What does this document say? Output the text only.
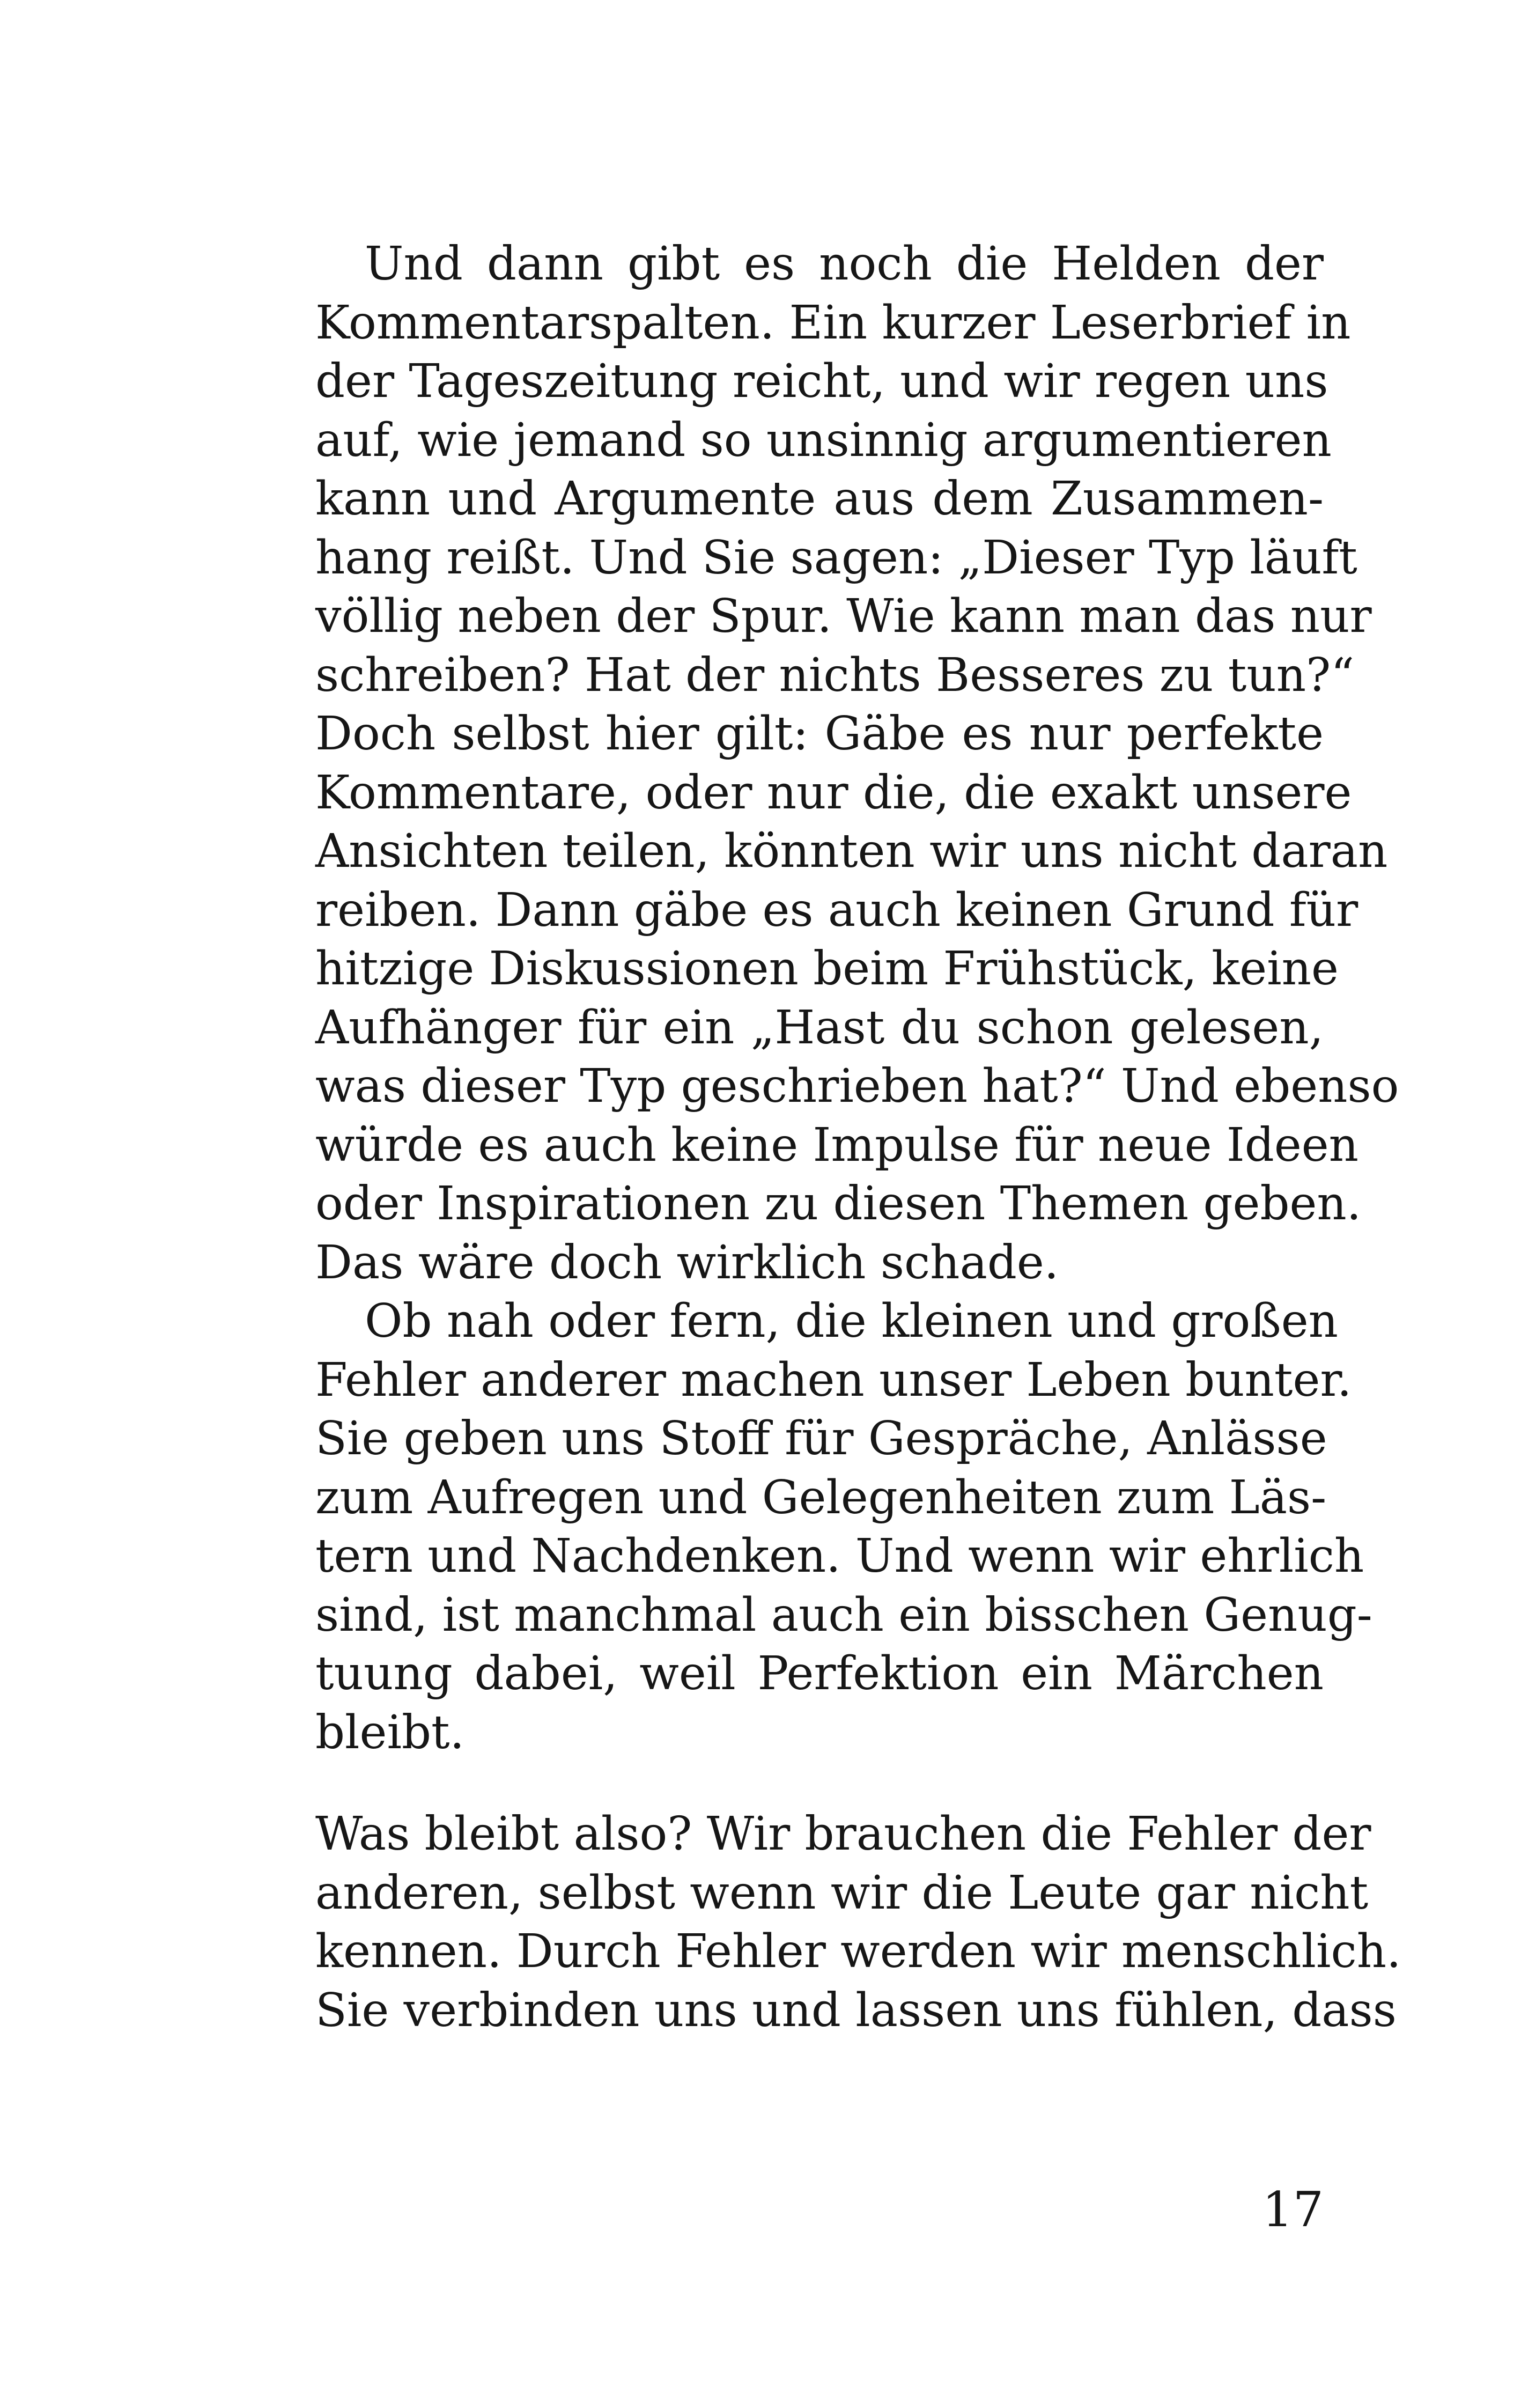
Und dann gibt es noch die Helden der
Kommentarspalten. Ein kurzer Leserbrief in
der Tageszeitung reicht, und wir regen uns
auf, wie jemand so unsinnig argumentieren
kann und Argumente aus dem Zusammen-
hang reißt. Und Sie sagen: „Dieser Typ läuft
völlig neben der Spur. Wie kann man das nur
schreiben? Hat der nichts Besseres zu tun?“
Doch selbst hier gilt: Gäbe es nur perfekte
Kommentare, oder nur die, die exakt unsere
Ansichten teilen, könnten wir uns nicht daran
reiben. Dann gäbe es auch keinen Grund für
hitzige Diskussionen beim Frühstück, keine
Aufhänger für ein „Hast du schon gelesen,
was dieser Typ geschrieben hat?“ Und ebenso
würde es auch keine Impulse für neue Ideen
oder Inspirationen zu diesen Themen geben.
Das wäre doch wirklich schade.
Ob nah oder fern, die kleinen und großen
Fehler anderer machen unser Leben bunter.
Sie geben uns Stoff für Gespräche, Anlässe
zum Aufregen und Gelegenheiten zum Läs-
tern und Nachdenken. Und wenn wir ehrlich
sind, ist manchmal auch ein bisschen Genug-
tuung dabei, weil Perfektion ein Märchen
bleibt.
Was bleibt also? Wir brauchen die Fehler der
anderen, selbst wenn wir die Leute gar nicht
kennen. Durch Fehler werden wir menschlich.
Sie verbinden uns und lassen uns fühlen, dass
17
